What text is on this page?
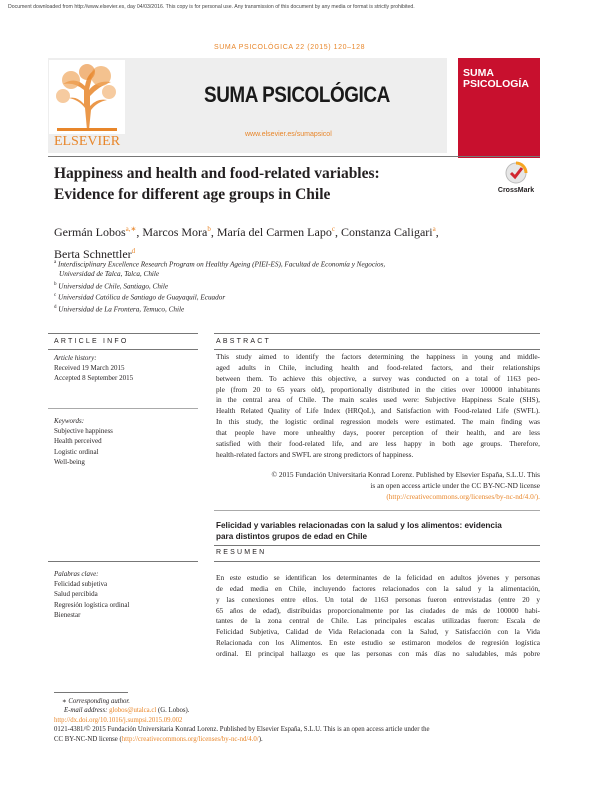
Document downloaded from http://www.elsevier.es, day 04/03/2016. This copy is for personal use. Any transmission of this document by any media or format is strictly prohibited.
SUMA PSICOLÓGICA 22 (2015) 120–128
ELSEVIER
SUMA PSICOLÓGICA
www.elsevier.es/sumapsicol
SUMA
PSICOLOGÍA
Happiness and health and food-related variables:
Evidence for different age groups in Chile	CrossMark
Germán Lobos$^{a,∗}$, Marcos Mora$^b$, María del Carmen Lapo$^c$, Constanza Caligari$^a$,
Berta Schnettler$^d$
$^a$ Interdisciplinary Excellence Research Program on Healthy Ageing (PIEI-ES), Facultad de Economía y Negocios,
Universidad de Talca, Talca, Chile
$^b$ Universidad de Chile, Santiago, Chile
$^c$ Universidad Católica de Santiago de Guayaquil, Ecuador
$^d$ Universidad de La Frontera, Temuco, Chile
ARTICLE INFO	ABSTRACT
Article history:
Received 19 March 2015
Accepted 8 September 2015
Keywords:
Subjective happiness
Health perceived
Logistic ordinal
Well-being
This study aimed to identify the factors determining the happiness in young and middle-
aged adults in Chile, including health and food-related factors, and their relationships
between them. To achieve this objective, a survey was conducted on a total of 1163 peo-
ple (from 20 to 65 years old), proportionally distributed in the cities over 100000 inhabitants
in the central area of Chile. The main scales used were: Subjective Happiness Scale (SHS),
Health Related Quality of Life Index (HRQoL), and Satisfaction with Food-related Life (SWFL).
In this study, the logistic ordinal regression models were estimated. The main finding was
that people have more unhealthy days, poorer perception of their health, and are less
satisfied with their food-related life, and are less happy in both age groups. Therefore,
health-related factors and SWFL are strong predictors of happiness.
© 2015 Fundación Universitaria Konrad Lorenz. Published by Elsevier España, S.L.U. This
is an open access article under the CC BY-NC-ND license
(http://creativecommons.org/licenses/by-nc-nd/4.0/).
Felicidad y variables relacionadas con la salud y los alimentos: evidencia
para distintos grupos de edad en Chile
RESUMEN
Palabras clave:
Felicidad subjetiva
Salud percibida
Regresión logística ordinal
Bienestar
En este estudio se identifican los determinantes de la felicidad en adultos jóvenes y personas
de edad media en Chile, incluyendo factores relacionados con la salud y la alimentación,
y las conexiones entre ellos. Un total de 1163 personas fueron entrevistadas (entre 20 y
65 años de edad), distribuidas proporcionalmente por las ciudades de más de 100000 habi-
tantes de la zona central de Chile. Las principales escalas utilizadas fueron: Escala de
Felicidad Subjetiva, Calidad de Vida Relacionada con la Salud, y Satisfacción con la Vida
Relacionada con los Alimentos. En este estudio se estimaron modelos de regresión logística
ordinal. El principal hallazgo es que las personas con más días no saludables, más pobre
∗ Corresponding author.
E-mail address: globos@utalca.cl (G. Lobos).
http://dx.doi.org/10.1016/j.sumpsi.2015.09.002
0121-4381/© 2015 Fundación Universitaria Konrad Lorenz. Published by Elsevier España, S.L.U. This is an open access article under the
CC BY-NC-ND license (http://creativecommons.org/licenses/by-nc-nd/4.0/).
